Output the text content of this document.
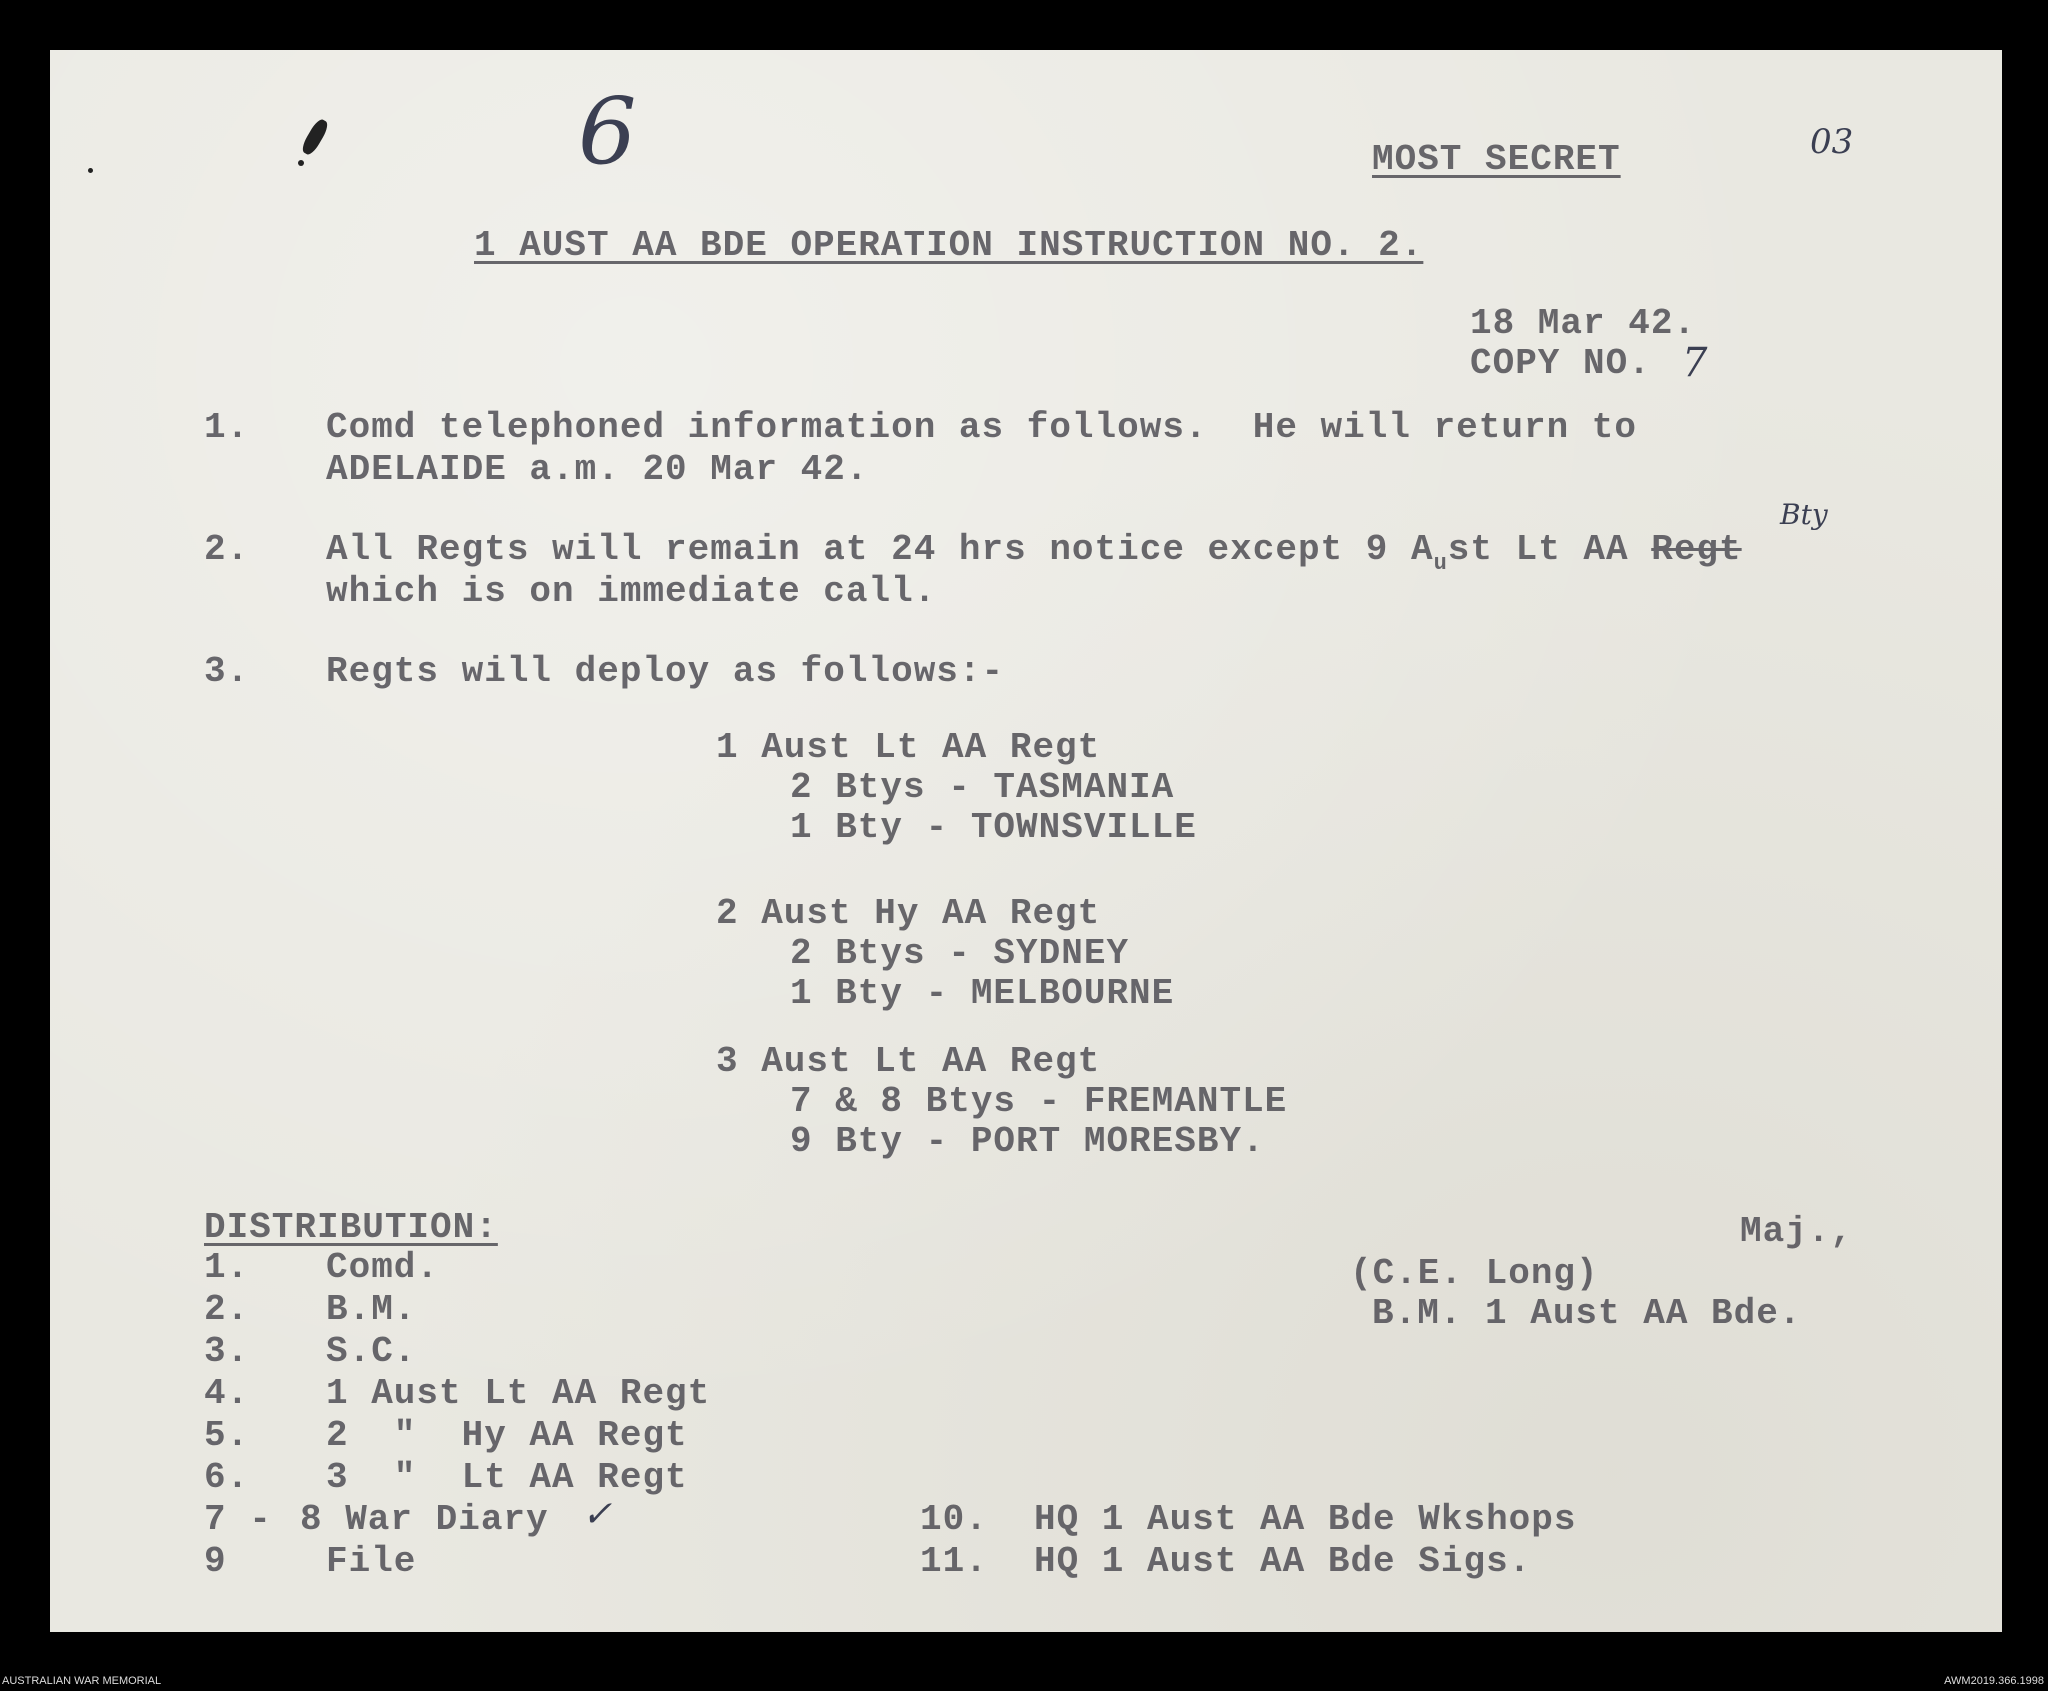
6	03
MOST SECRET
1 AUST AA BDE OPERATION INSTRUCTION NO. 2.
18 Mar 42.
COPY NO. 7
1. Comd telephoned information as follows.  He will return to
ADELAIDE a.m. 20 Mar 42.
2. All Regts will remain at 24 hrs notice except 9 $A_ust$ Lt AA Regt
Bty
which is on immediate call.
3. Regts will deploy as follows:-
1 Aust Lt AA Regt
2 Btys - TASMANIA
1 Bty - TOWNSVILLE
2 Aust Hy AA Regt
2 Btys - SYDNEY
1 Bty - MELBOURNE
3 Aust Lt AA Regt
7 & 8 Btys - FREMANTLE
9 Bty - PORT MORESBY.
DISTRIBUTION:
1. Comd.
2. B.M.
3. S.C.
4. 1 Aust Lt AA Regt
5. 2  "  Hy AA Regt
6. 3  "  Lt AA Regt
7 - 8 War Diary ✓
9	File
10. HQ 1 Aust AA Bde Wkshops
11. HQ 1 Aust AA Bde Sigs.
Maj.,
(C.E. Long)
B.M. 1 Aust AA Bde.
AUSTRALIAN WAR MEMORIAL	AWM2019.366.1998
